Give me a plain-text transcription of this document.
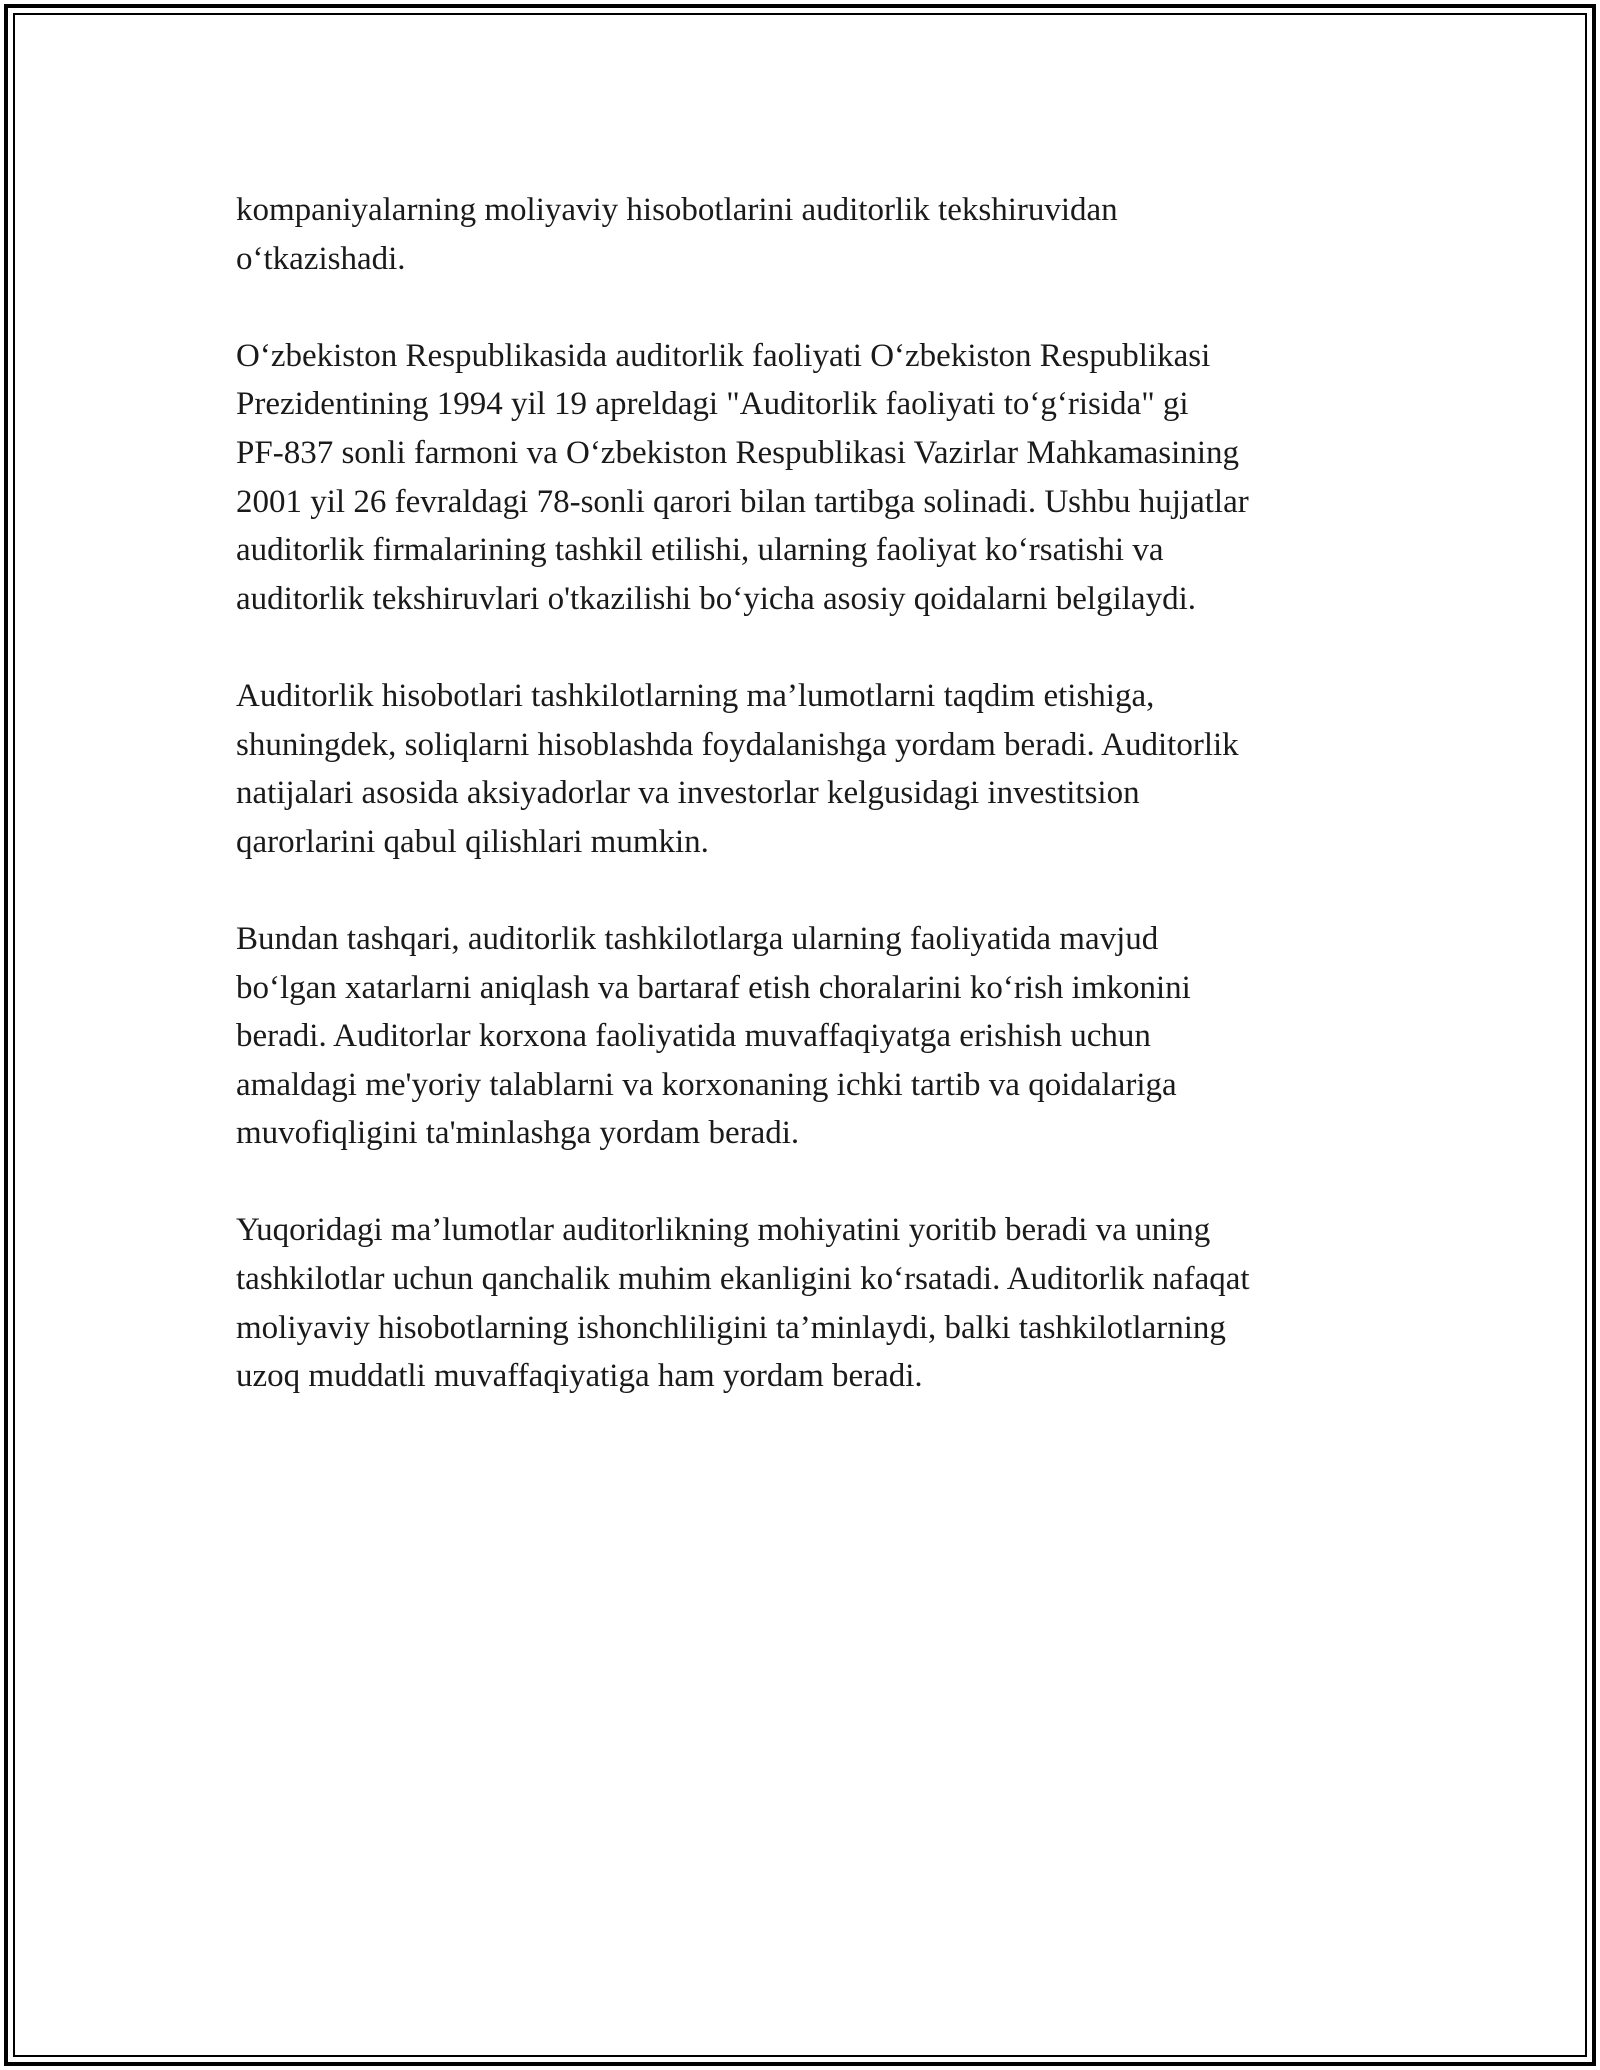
kompaniyalarning moliyaviy hisobotlarini auditorlik tekshiruvidan
o‘tkazishadi.

O‘zbekiston Respublikasida auditorlik faoliyati O‘zbekiston Respublikasi
Prezidentining 1994 yil 19 apreldagi "Auditorlik faoliyati to‘g‘risida" gi
PF-837 sonli farmoni va O‘zbekiston Respublikasi Vazirlar Mahkamasining
2001 yil 26 fevraldagi 78-sonli qarori bilan tartibga solinadi. Ushbu hujjatlar
auditorlik firmalarining tashkil etilishi, ularning faoliyat ko‘rsatishi va
auditorlik tekshiruvlari o'tkazilishi bo‘yicha asosiy qoidalarni belgilaydi.

Auditorlik hisobotlari tashkilotlarning ma’lumotlarni taqdim etishiga,
shuningdek, soliqlarni hisoblashda foydalanishga yordam beradi. Auditorlik
natijalari asosida aksiyadorlar va investorlar kelgusidagi investitsion
qarorlarini qabul qilishlari mumkin.

Bundan tashqari, auditorlik tashkilotlarga ularning faoliyatida mavjud
bo‘lgan xatarlarni aniqlash va bartaraf etish choralarini ko‘rish imkonini
beradi. Auditorlar korxona faoliyatida muvaffaqiyatga erishish uchun
amaldagi me'yoriy talablarni va korxonaning ichki tartib va qoidalariga
muvofiqligini ta'minlashga yordam beradi.

Yuqoridagi ma’lumotlar auditorlikning mohiyatini yoritib beradi va uning
tashkilotlar uchun qanchalik muhim ekanligini ko‘rsatadi. Auditorlik nafaqat
moliyaviy hisobotlarning ishonchliligini ta’minlaydi, balki tashkilotlarning
uzoq muddatli muvaffaqiyatiga ham yordam beradi.
